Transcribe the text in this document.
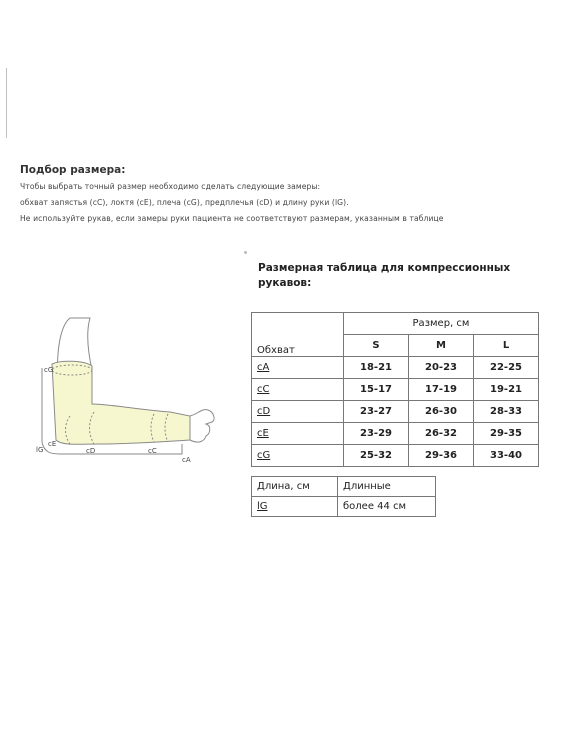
Подбор размера:

Чтобы выбрать точный размер необходимо сделать следующие замеры:

обхват запястья (cC), локтя (cE), плеча (cG), предплечья (cD) и длину руки (lG).

Не используйте рукав, если замеры руки пациента не соответствуют размерам, указанным в таблице

Размерная таблица для компрессионных рукавов:
cG
cE
cD	cC
cA
lG
Обхват	Размер, см		
	S	M	L
cA	18-21	20-23	22-25
cC	15-17	17-19	19-21
cD	23-27	26-30	28-33
cE	23-29	26-32	29-35
cG	25-32	29-36	33-40
Длина, см	Длинные
lG	более 44 см
